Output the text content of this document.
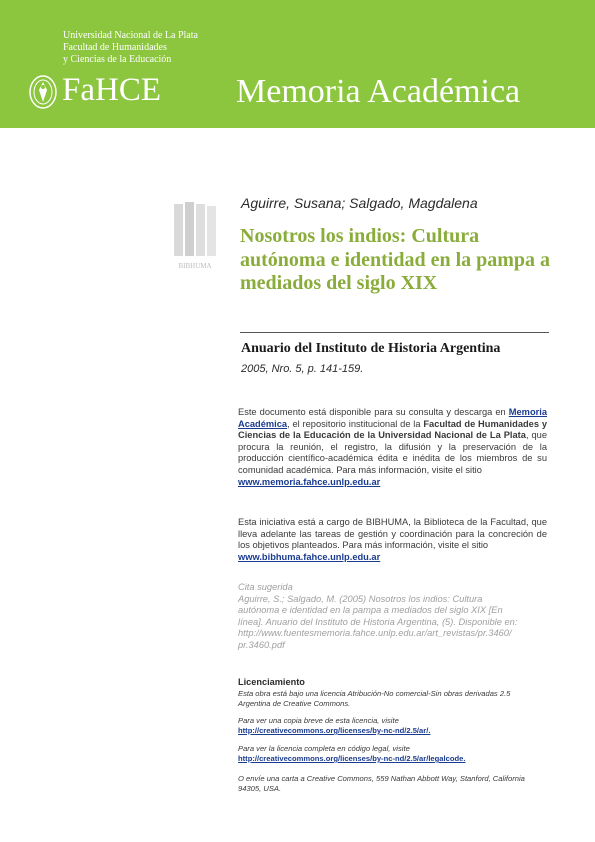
Universidad Nacional de La Plata
Facultad de Humanidades
y Ciencias de la Educación
FaHCE Memoria Académica
BIBHUMA
Aguirre, Susana; Salgado, Magdalena
Nosotros los indios: Cultura autónoma e identidad en la pampa a mediados del siglo XIX
Anuario del Instituto de Historia Argentina
2005, Nro. 5, p. 141-159.
Este documento está disponible para su consulta y descarga en Memoria Académica, el repositorio institucional de la Facultad de Humanidades y Ciencias de la Educación de la Universidad Nacional de La Plata, que procura la reunión, el registro, la difusión y la preservación de la producción científico-académica édita e inédita de los miembros de su comunidad académica. Para más información, visite el sitio
www.memoria.fahce.unlp.edu.ar
Esta iniciativa está a cargo de BIBHUMA, la Biblioteca de la Facultad, que lleva adelante las tareas de gestión y coordinación para la concreción de los objetivos planteados. Para más información, visite el sitio
www.bibhuma.fahce.unlp.edu.ar
Cita sugerida
Aguirre, S.; Salgado, M. (2005) Nosotros los indios: Cultura
autónoma e identidad en la pampa a mediados del siglo XIX [En
línea]. Anuario del Instituto de Historia Argentina, (5). Disponible en:
http://www.fuentesmemoria.fahce.unlp.edu.ar/art_revistas/pr.3460/
pr.3460.pdf
Licenciamiento
Esta obra está bajo una licencia Atribución-No comercial-Sin obras derivadas 2.5
Argentina de Creative Commons.
Para ver una copia breve de esta licencia, visite
http://creativecommons.org/licenses/by-nc-nd/2.5/ar/.
Para ver la licencia completa en código legal, visite
http://creativecommons.org/licenses/by-nc-nd/2.5/ar/legalcode.
O envíe una carta a Creative Commons, 559 Nathan Abbott Way, Stanford, California
94305, USA.
